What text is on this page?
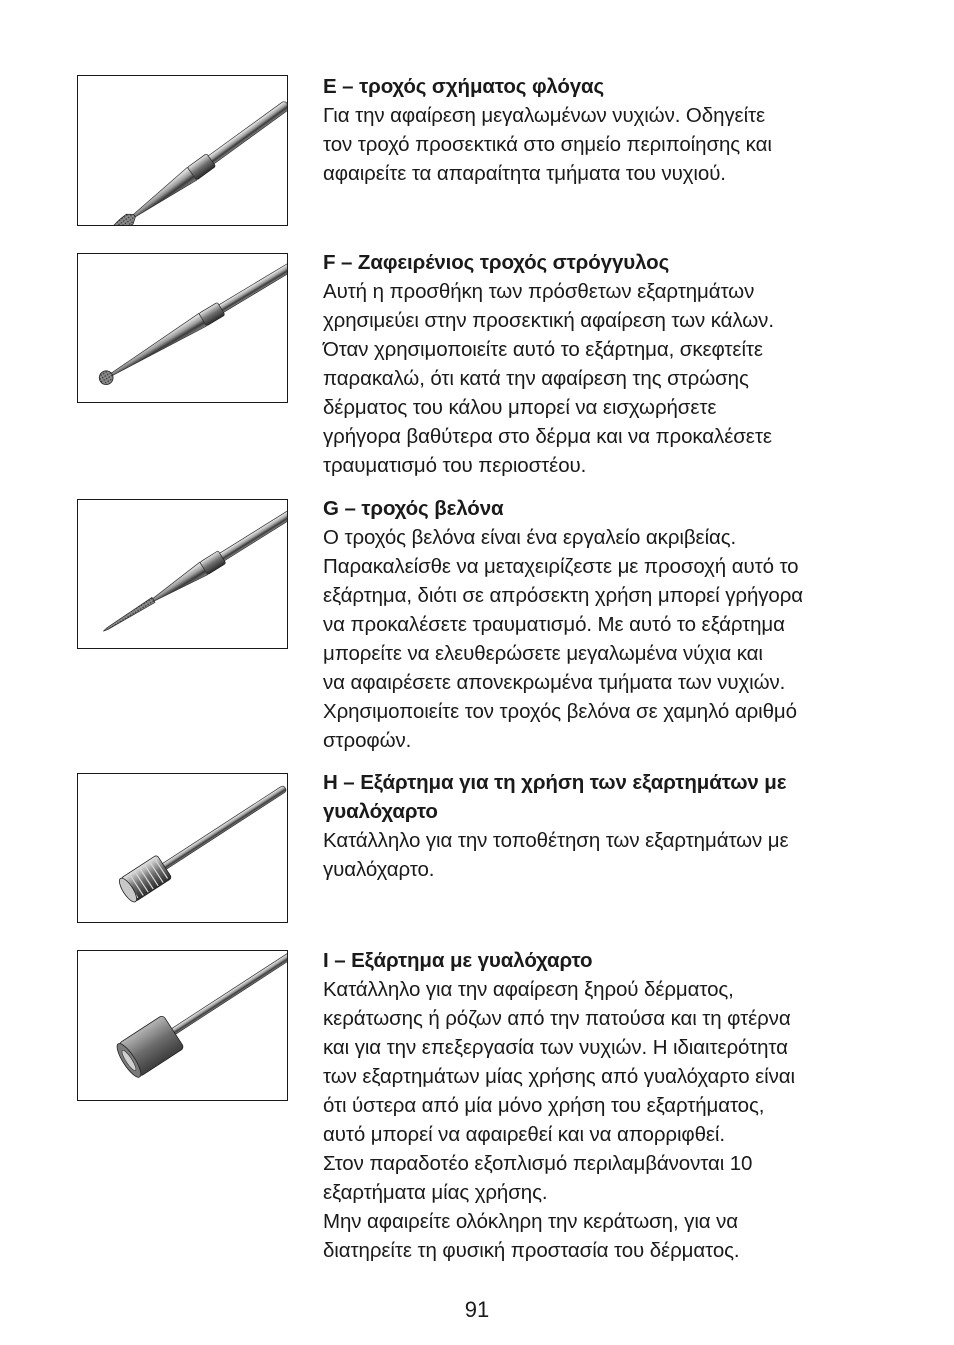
E – τροχός σχήματος φλόγας
Για την αφαίρεση μεγαλωμένων νυχιών. Οδηγείτε
τον τροχό προσεκτικά στο σημείο περιποίησης και
αφαιρείτε τα απαραίτητα τμήματα του νυχιού.
F – Ζαφειρένιος τροχός στρόγγυλος
Αυτή η προσθήκη των πρόσθετων εξαρτημάτων
χρησιμεύει στην προσεκτική αφαίρεση των κάλων.
Όταν χρησιμοποιείτε αυτό το εξάρτημα, σκεφτείτε
παρακαλώ, ότι κατά την αφαίρεση της στρώσης
δέρματος του κάλου μπορεί να εισχωρήσετε
γρήγορα βαθύτερα στο δέρμα και να προκαλέσετε
τραυματισμό του περιοστέου.
G – τροχός βελόνα
Ο τροχός βελόνα είναι ένα εργαλείο ακριβείας.
Παρακαλείσθε να μεταχειρίζεστε με προσοχή αυτό το
εξάρτημα, διότι σε απρόσεκτη χρήση μπορεί γρήγορα
να προκαλέσετε τραυματισμό. Με αυτό το εξάρτημα
μπορείτε να ελευθερώσετε μεγαλωμένα νύχια και
να αφαιρέσετε απονεκρωμένα τμήματα των νυχιών.
Χρησιμοποιείτε τον τροχός βελόνα σε χαμηλό αριθμό
στροφών.
H – Εξάρτημα για τη χρήση των εξαρτημάτων με
γυαλόχαρτο
Κατάλληλο για την τοποθέτηση των εξαρτημάτων με
γυαλόχαρτο.
I – Εξάρτημα με γυαλόχαρτο
Κατάλληλο για την αφαίρεση ξηρού δέρματος,
κεράτωσης ή ρόζων από την πατούσα και τη φτέρνα
και για την επεξεργασία των νυχιών. Η ιδιαιτερότητα
των εξαρτημάτων μίας χρήσης από γυαλόχαρτο είναι
ότι ύστερα από μία μόνο χρήση του εξαρτήματος,
αυτό μπορεί να αφαιρεθεί και να απορριφθεί.
Στον παραδοτέο εξοπλισμό περιλαμβάνονται 10
εξαρτήματα μίας χρήσης.
Μην αφαιρείτε ολόκληρη την κεράτωση, για να
διατηρείτε τη φυσική προστασία του δέρματος.
91
